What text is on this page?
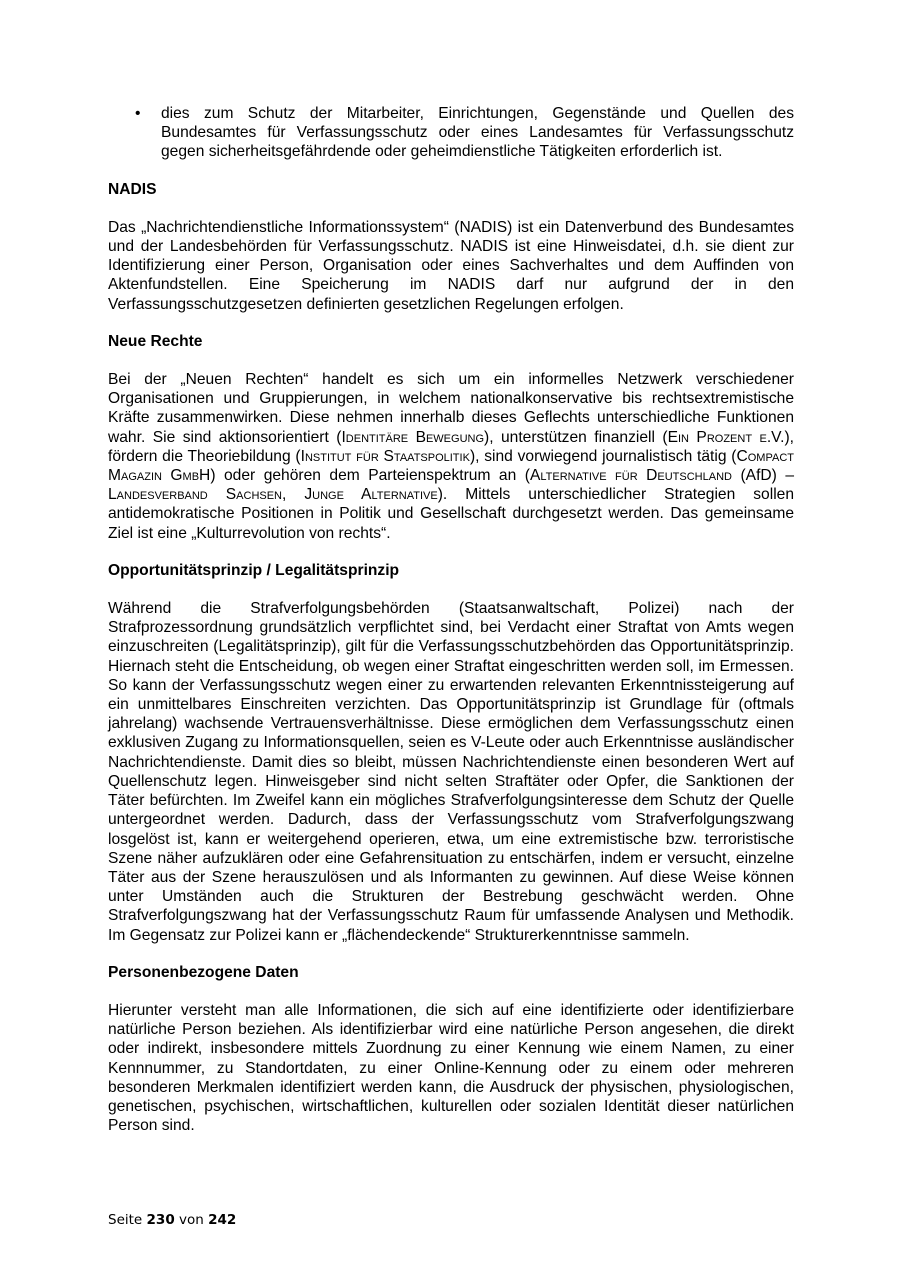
• dies zum Schutz der Mitarbeiter, Einrichtungen, Gegenstände und Quellen des Bundesamtes für Verfassungsschutz oder eines Landesamtes für Verfassungsschutz gegen sicherheitsgefährdende oder geheimdienstliche Tätigkeiten erforderlich ist.
NADIS

Das „Nachrichtendienstliche Informationssystem“ (NADIS) ist ein Datenverbund des Bundesamtes und der Landesbehörden für Verfassungsschutz. NADIS ist eine Hinweisdatei, d.h. sie dient zur Identifizierung einer Person, Organisation oder eines Sachverhaltes und dem Auffinden von Aktenfundstellen. Eine Speicherung im NADIS darf nur aufgrund der in den Verfassungsschutzgesetzen definierten gesetzlichen Regelungen erfolgen.

Neue Rechte

Bei der „Neuen Rechten“ handelt es sich um ein informelles Netzwerk verschiedener Organisationen und Gruppierungen, in welchem nationalkonservative bis rechtsextremistische Kräfte zusammenwirken. Diese nehmen innerhalb dieses Geflechts unterschiedliche Funktionen wahr. Sie sind aktionsorientiert (Identitäre Bewegung), unterstützen finanziell (Ein Prozent e.V.), fördern die Theoriebildung (Institut für Staatspolitik), sind vorwiegend journalistisch tätig (Compact Magazin GmbH) oder gehören dem Parteienspektrum an (Alternative für Deutschland (AfD) – Landesverband Sachsen, Junge Alternative). Mittels unterschiedlicher Strategien sollen antidemokratische Positionen in Politik und Gesellschaft durchgesetzt werden. Das gemeinsame Ziel ist eine „Kulturrevolution von rechts“.

Opportunitätsprinzip / Legalitätsprinzip

Während die Strafverfolgungsbehörden (Staatsanwaltschaft, Polizei) nach der Strafprozessordnung grundsätzlich verpflichtet sind, bei Verdacht einer Straftat von Amts wegen einzuschreiten (Legalitätsprinzip), gilt für die Verfassungsschutzbehörden das Opportunitätsprinzip. Hiernach steht die Entscheidung, ob wegen einer Straftat eingeschritten werden soll, im Ermessen. So kann der Verfassungsschutz wegen einer zu erwartenden relevanten Erkenntnissteigerung auf ein unmittelbares Einschreiten verzichten. Das Opportunitätsprinzip ist Grundlage für (oftmals jahrelang) wachsende Vertrauensverhältnisse. Diese ermöglichen dem Verfassungsschutz einen exklusiven Zugang zu Informationsquellen, seien es V-Leute oder auch Erkenntnisse ausländischer Nachrichtendienste. Damit dies so bleibt, müssen Nachrichtendienste einen besonderen Wert auf Quellenschutz legen. Hinweisgeber sind nicht selten Straftäter oder Opfer, die Sanktionen der Täter befürchten. Im Zweifel kann ein mögliches Strafverfolgungsinteresse dem Schutz der Quelle untergeordnet werden. Dadurch, dass der Verfassungsschutz vom Strafverfolgungszwang losgelöst ist, kann er weitergehend operieren, etwa, um eine extremistische bzw. terroristische Szene näher aufzuklären oder eine Gefahrensituation zu entschärfen, indem er versucht, einzelne Täter aus der Szene herauszulösen und als Informanten zu gewinnen. Auf diese Weise können unter Umständen auch die Strukturen der Bestrebung geschwächt werden. Ohne Strafverfolgungszwang hat der Verfassungsschutz Raum für umfassende Analysen und Methodik. Im Gegensatz zur Polizei kann er „flächendeckende“ Strukturerkenntnisse sammeln.

Personenbezogene Daten

Hierunter versteht man alle Informationen, die sich auf eine identifizierte oder identifizierbare natürliche Person beziehen. Als identifizierbar wird eine natürliche Person angesehen, die direkt oder indirekt, insbesondere mittels Zuordnung zu einer Kennung wie einem Namen, zu einer Kennnummer, zu Standortdaten, zu einer Online-Kennung oder zu einem oder mehreren besonderen Merkmalen identifiziert werden kann, die Ausdruck der physischen, physiologischen, genetischen, psychischen, wirtschaftlichen, kulturellen oder sozialen Identität dieser natürlichen Person sind.

Seite 230 von 242
